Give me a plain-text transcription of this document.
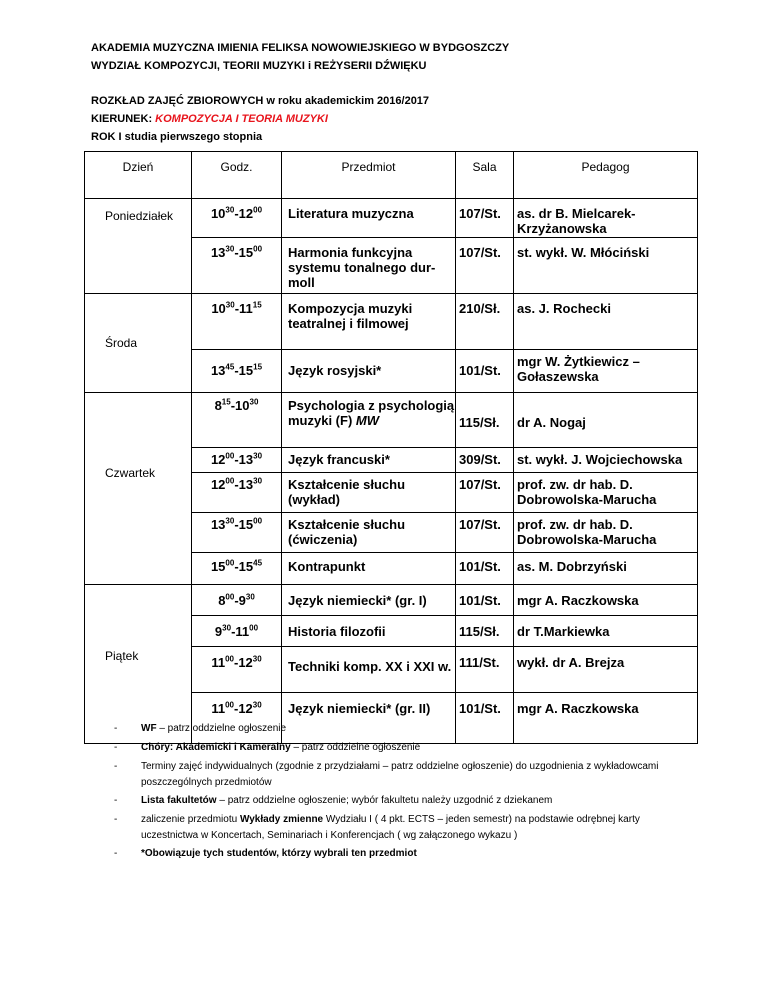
AKADEMIA MUZYCZNA IMIENIA FELIKSA NOWOWIEJSKIEGO W BYDGOSZCZY
WYDZIAŁ KOMPOZYCJI, TEORII MUZYKI i REŻYSERII DŹWIĘKU
ROZKŁAD ZAJĘĆ ZBIOROWYCH w roku akademickim 2016/2017
KIERUNEK: KOMPOZYCJA I TEORIA MUZYKI
ROK I studia pierwszego stopnia
Dzień	Godz.	Przedmiot	Sala	Pedagog
Poniedziałek	$10^{30}-12^{00}$	Literatura muzyczna	107/St.	as. dr B. Mielcarek-Krzyżanowska
	$13^{30}-15^{00}$	Harmonia funkcyjna systemu tonalnego dur-moll	107/St.	st. wykł. W. Młóciński
Środa	$10^{30}-11^{15}$	Kompozycja muzyki teatralnej i filmowej	210/Sł.	as. J. Rochecki
	$13^{45}-15^{15}$	Język rosyjski*	101/St.	mgr W. Żytkiewicz – Gołaszewska
Czwartek	$8^{15}-10^{30}$	Psychologia z psychologią muzyki (F) MW	115/Sł.	dr A. Nogaj
	$12^{00}-13^{30}$	Język francuski*	309/St.	st. wykł. J. Wojciechowska
	$12^{00}-13^{30}$	Kształcenie słuchu (wykład)	107/St.	prof. zw. dr hab. D. Dobrowolska-Marucha
	$13^{30}-15^{00}$	Kształcenie słuchu (ćwiczenia)	107/St.	prof. zw. dr hab. D. Dobrowolska-Marucha
	$15^{00}-15^{45}$	Kontrapunkt	101/St.	as. M. Dobrzyński
Piątek	$8^{00}-9^{30}$	Język niemiecki* (gr. I)	101/St.	mgr A. Raczkowska
	$9^{30}-11^{00}$	Historia filozofii	115/Sł.	dr T.Markiewka
	$11^{00}-12^{30}$	Techniki komp. XX i XXI w.	111/St.	wykł. dr A. Brejza
	$11^{00}-12^{30}$	Język niemiecki* (gr. II)	101/St.	mgr A. Raczkowska

- WF – patrz oddzielne ogłoszenie

- Chóry: Akademicki i Kameralny – patrz oddzielne ogłoszenie

- Terminy zajęć indywidualnych (zgodnie z przydziałami – patrz oddzielne ogłoszenie) do uzgodnienia z wykładowcami
poszczególnych przedmiotów

- Lista fakultetów – patrz oddzielne ogłoszenie; wybór fakultetu należy uzgodnić z dziekanem

- zaliczenie przedmiotu Wykłady zmienne Wydziału I ( 4 pkt. ECTS – jeden semestr) na podstawie odrębnej karty
uczestnictwa w Koncertach, Seminariach i Konferencjach ( wg załączonego wykazu )

- *Obowiązuje tych studentów, którzy wybrali ten przedmiot
